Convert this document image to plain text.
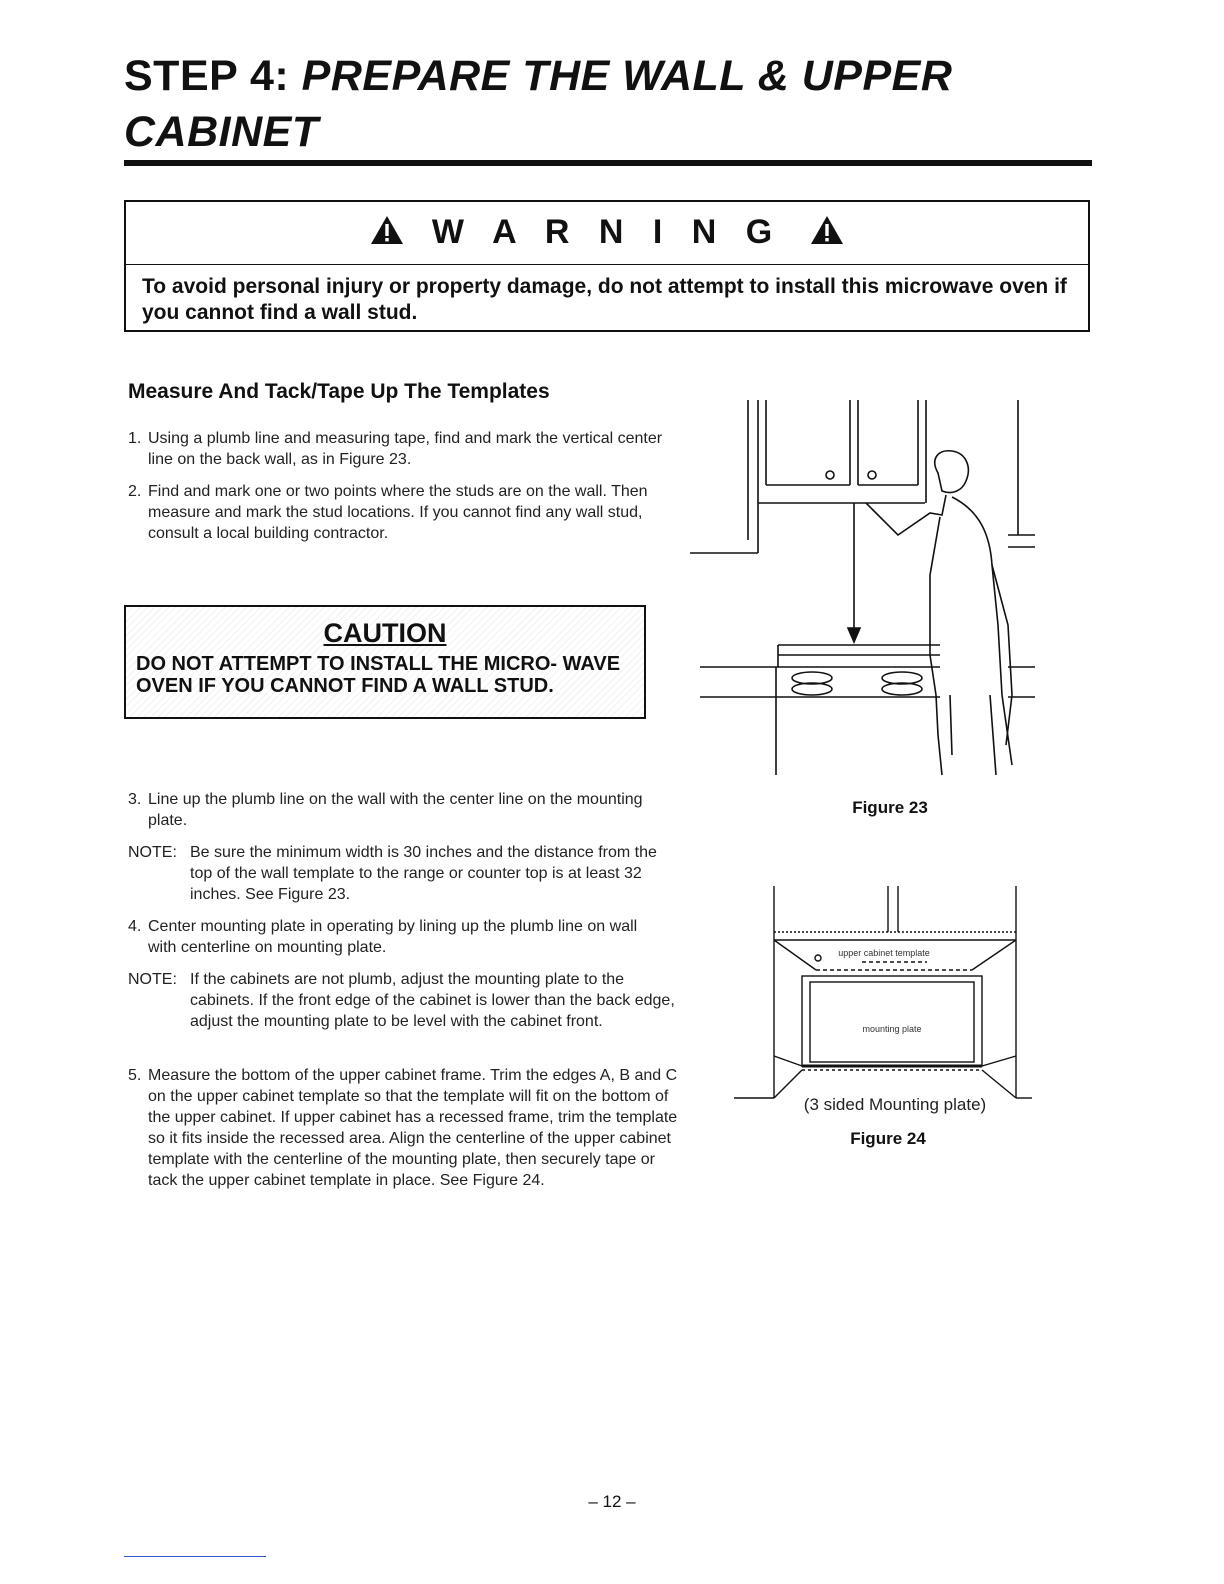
STEP 4: PREPARE THE WALL & UPPER
CABINET
W A R N I N G
To avoid personal injury or property damage, do not attempt to install this microwave oven if you cannot find a wall stud.
Measure And Tack/Tape Up The Templates
1. Using a plumb line and measuring tape, find and mark the vertical center line on the back wall, as in Figure 23.
2. Find and mark one or two points where the studs are on the wall. Then measure and mark the stud locations. If you cannot find any wall stud, consult a local building contractor.
CAUTION
DO NOT ATTEMPT TO INSTALL THE MICRO- WAVE OVEN IF YOU CANNOT FIND A WALL STUD.
3. Line up the plumb line on the wall with the center line on the mounting plate.
NOTE: Be sure the minimum width is 30 inches and the distance from the top of the wall template to the range or counter top is at least 32 inches. See Figure 23.
4. Center mounting plate in operating by lining up the plumb line on wall with centerline on mounting plate.
NOTE: If the cabinets are not plumb, adjust the mounting plate to the cabinets. If the front edge of the cabinet is lower than the back edge, adjust the mounting plate to be level with the cabinet front.
5. Measure the bottom of the upper cabinet frame. Trim the edges A, B and C on the upper cabinet template so that the template will fit on the bottom of the upper cabinet. If upper cabinet has a recessed frame, trim the template so it fits inside the recessed area. Align the centerline of the upper cabinet template with the centerline of the mounting plate, then securely tape or tack the upper cabinet template in place. See Figure 24.
Figure 23
upper cabinet template
mounting plate
(3 sided Mounting plate)
Figure 24
– 12 –
